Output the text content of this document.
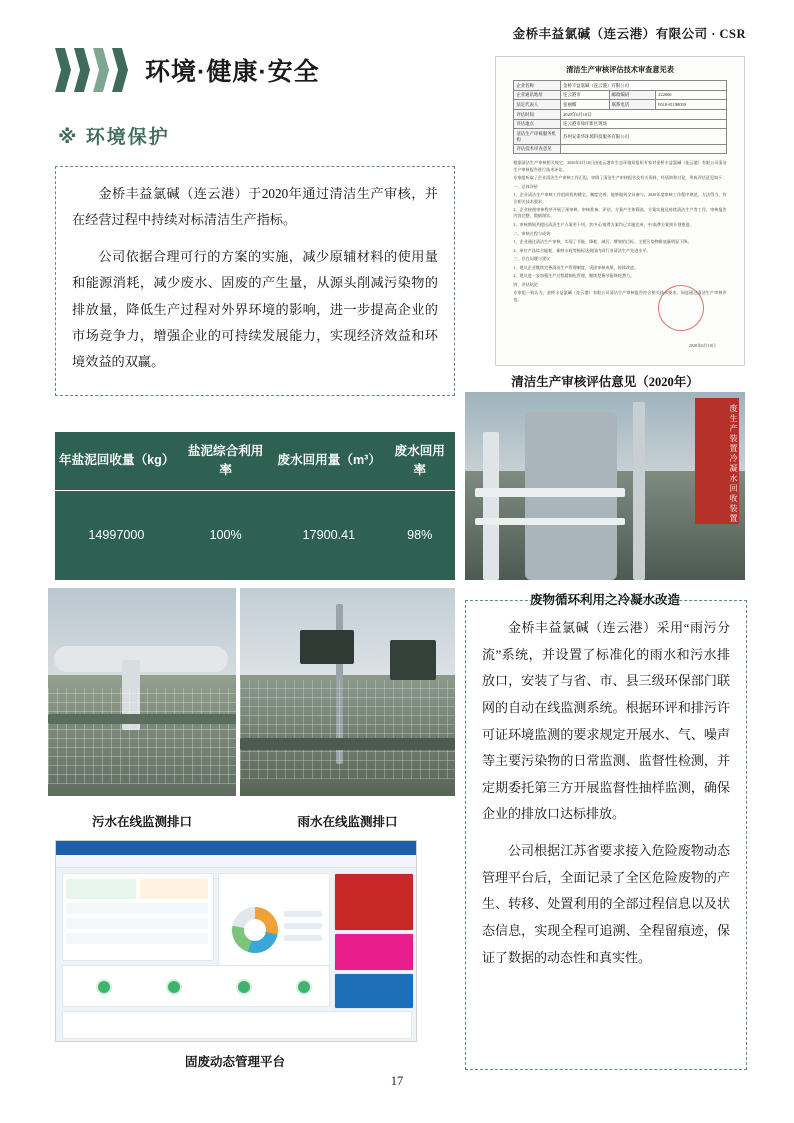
金桥丰益氯碱（连云港）有限公司 · CSR
环境·健康·安全
※ 环境保护

金桥丰益氯碱（连云港）于2020年通过清洁生产审核，并在经营过程中持续对标清洁生产指标。

公司依据合理可行的方案的实施，减少原辅材料的使用量和能源消耗，减少废水、固废的产生量，从源头削减污染物的排放量，降低生产过程对外界环境的影响，进一步提高企业的市场竞争力，增强企业的可持续发展能力，实现经济效益和环境效益的双赢。

清洁生产审核评估技术审查意见表
企业名称	金桥丰益氯碱（连云港）有限公司		
企业通讯地址	连云港市	邮政编码	222000
法定代表人	张丽娜	联系电话	0518-81198050
评估时间	2020年6月10日		
评估地点	连云港市徐圩新区现场		
清洁生产审核服务机构	苏州安诺华环境科技服务有限公司		
评估技术审查意见			

根据清洁生产审核相关规定，2020年6月10日由连云港市生态环境局组织专家对金桥丰益氯碱（连云港）有限公司清洁生产审核报告进行技术评估。

专家组听取了企业清洁生产审核工作汇报，审阅了清洁生产审核报告及有关资料，经质询和讨论，形成评估意见如下：

一、总体评价

1、企业清洁生产审核工作组织机构健全，制度完善，能够做到全员参与，2020年度审核工作程序规范、方法得当、符合相关技术要求。

2、企业按照审核程序开展了预审核、审核准备、评估、方案产生和筛选、方案实施及持续清洁生产等工作，审核报告内容完整、数据翔实。

3、审核期间共提出清洁生产方案若干项，其中无/低费方案均已实施完成，中/高费方案按计划推进。

二、审核过程与成效

1、企业通过清洁生产审核，实现了节能、降耗、减污、增效的目标，主要污染物排放量明显下降。

2、单位产品综合能耗、新鲜水耗等指标达到国内同行业清洁生产先进水平。

三、存在问题与建议

1、建议企业继续完善清洁生产管理制度，巩固审核成果，持续改进。

2、建议进一步加强生产过程精细化管理，继续挖掘节能降耗潜力。

四、评估结论

专家组一致认为，金桥丰益氯碱（连云港）有限公司清洁生产审核报告符合相关技术要求，同意通过清洁生产审核评估。

2020年6月10日
清洁生产审核评估意见（2020年）
年盐泥回收量（kg）	盐泥综合利用率	废水回用量（m³）	废水回用率
14997000	100%	17900.41	98%
废生产装置冷凝水回收装置
废物循环利用之冷凝水改造
污水在线监测排口	雨水在线监测排口
固废动态管理平台

金桥丰益氯碱（连云港）采用“雨污分流”系统，并设置了标准化的雨水和污水排放口，安装了与省、市、县三级环保部门联网的自动在线监测系统。根据环评和排污许可证环境监测的要求规定开展水、气、噪声等主要污染物的日常监测、监督性检测，并定期委托第三方开展监督性抽样监测，确保企业的排放口达标排放。

公司根据江苏省要求接入危险废物动态管理平台后，全面记录了全区危险废物的产生、转移、处置利用的全部过程信息以及状态信息，实现全程可追溯、全程留痕迹，保证了数据的动态性和真实性。

17
